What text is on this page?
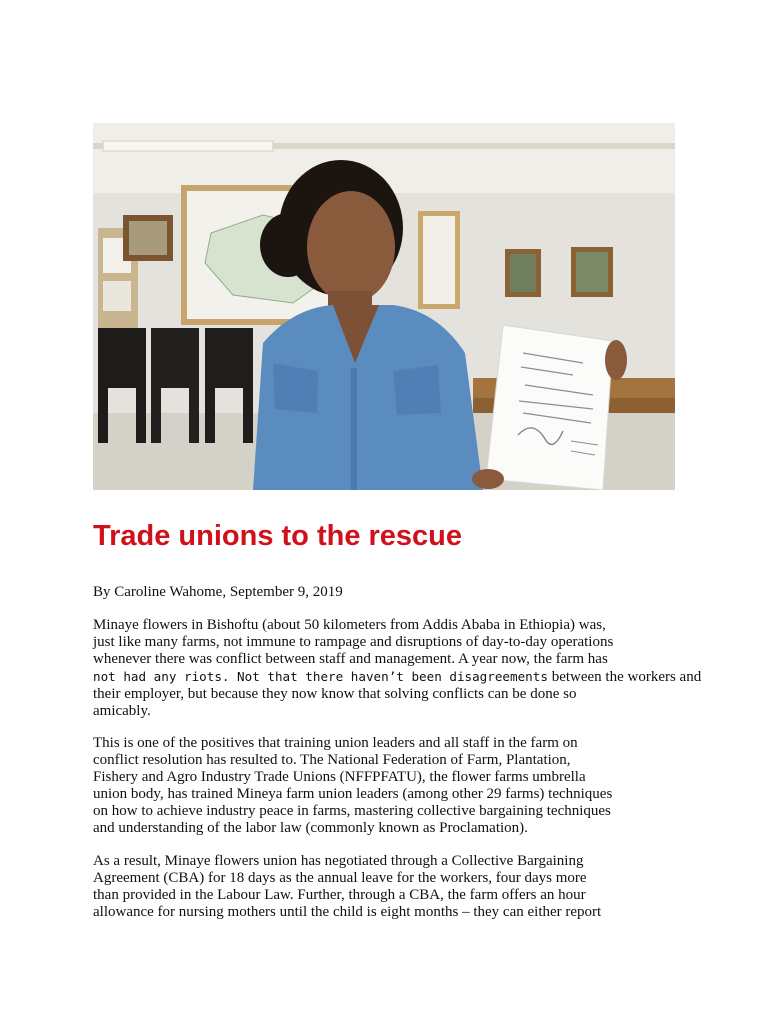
Trade unions to the rescue

By Caroline Wahome, September 9, 2019

Minaye flowers in Bishoftu (about 50 kilometers from Addis Ababa in Ethiopia) was,
just like many farms, not immune to rampage and disruptions of day-to-day operations
whenever there was conflict between staff and management. A year now, the farm has
not had any riots. Not that there haven’t been disagreements between the workers and
their employer, but because they now know that solving conflicts can be done so
amicably.

This is one of the positives that training union leaders and all staff in the farm on
conflict resolution has resulted to. The National Federation of Farm, Plantation,
Fishery and Agro Industry Trade Unions (NFFPFATU), the flower farms umbrella
union body, has trained Mineya farm union leaders (among other 29 farms) techniques
on how to achieve industry peace in farms, mastering collective bargaining techniques
and understanding of the labor law (commonly known as Proclamation).

As a result, Minaye flowers union has negotiated through a Collective Bargaining
Agreement (CBA) for 18 days as the annual leave for the workers, four days more
than provided in the Labour Law. Further, through a CBA, the farm offers an hour
allowance for nursing mothers until the child is eight months – they can either report
